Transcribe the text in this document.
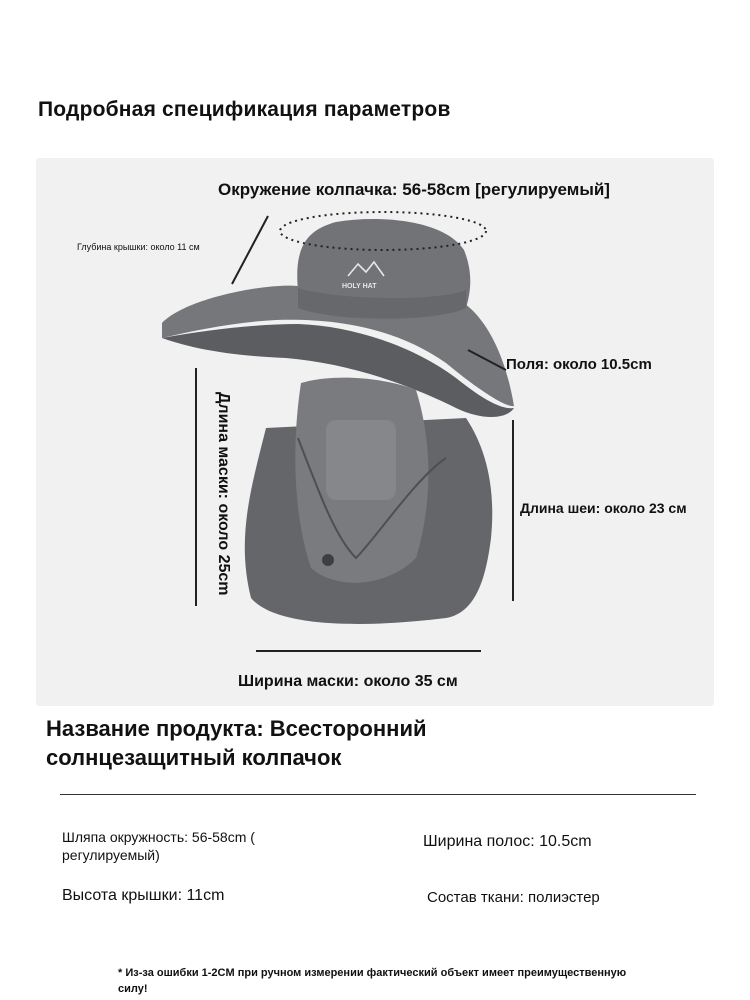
Подробная спецификация параметров
HOLY HAT
Окружение колпачка: 56-58cm [регулируемый]
Глубина крышки: около 11 см
Поля: около 10.5cm
Длина шеи: около 23 см
Длина маски: около 25cm
Ширина маски: около 35 см
Название продукта: Всесторонний солнцезащитный колпачок
Шляпа окружность: 56-58cm ( регулируемый)
Ширина полос: 10.5cm
Высота крышки: 11cm	Состав ткани: полиэстер
* Из-за ошибки 1-2CM при ручном измерении фактический объект имеет преимущественную силу!
